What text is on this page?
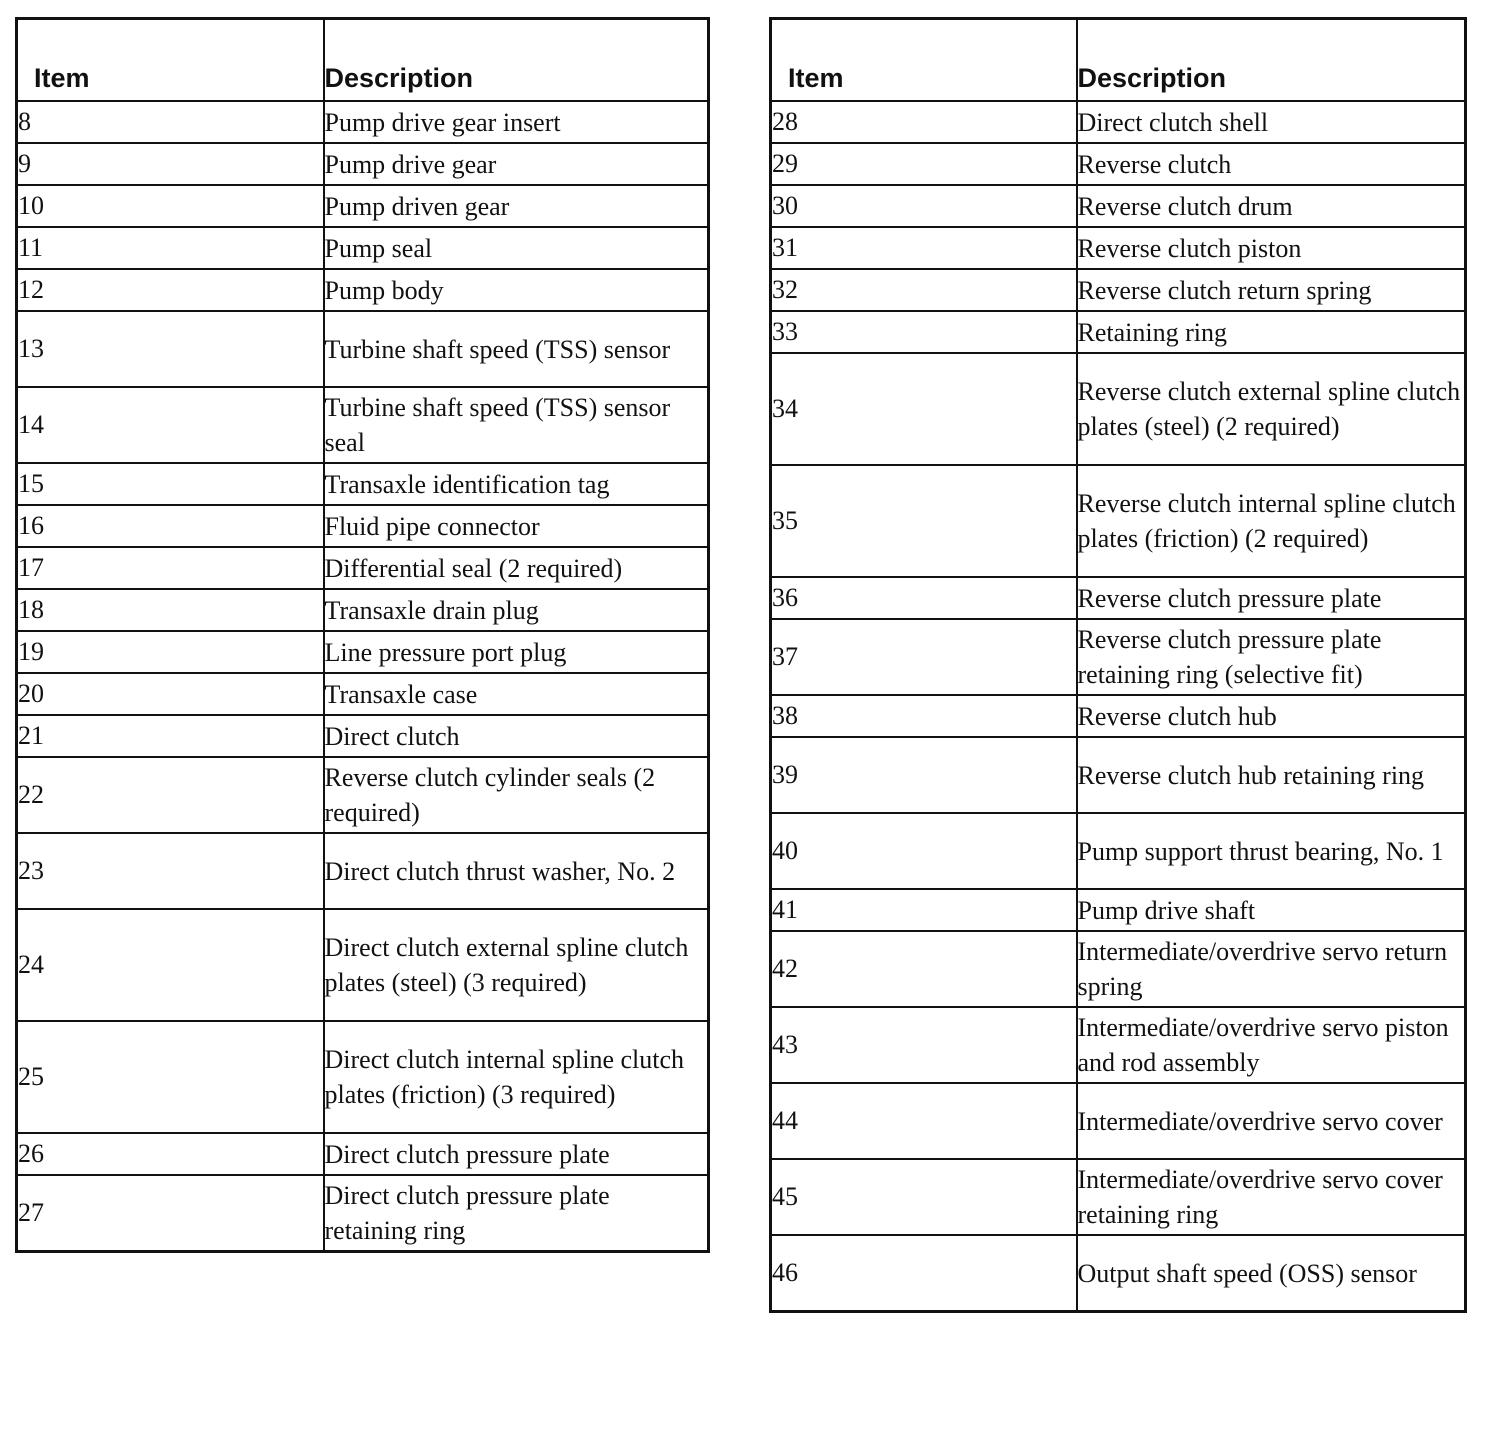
Item	Description
8	Pump drive gear insert
9	Pump drive gear
10	Pump driven gear
11	Pump seal
12	Pump body
13	Turbine shaft speed (TSS) sensor
14	Turbine shaft speed (TSS) sensor seal
15	Transaxle identification tag
16	Fluid pipe connector
17	Differential seal (2 required)
18	Transaxle drain plug
19	Line pressure port plug
20	Transaxle case
21	Direct clutch
22	Reverse clutch cylinder seals (2 required)
23	Direct clutch thrust washer, No. 2
24	Direct clutch external spline clutch plates (steel) (3 required)
25	Direct clutch internal spline clutch plates (friction) (3 required)
26	Direct clutch pressure plate
27	Direct clutch pressure plate retaining ring
Item	Description
28	Direct clutch shell
29	Reverse clutch
30	Reverse clutch drum
31	Reverse clutch piston
32	Reverse clutch return spring
33	Retaining ring
34	Reverse clutch external spline clutch plates (steel) (2 required)
35	Reverse clutch internal spline clutch plates (friction) (2 required)
36	Reverse clutch pressure plate
37	Reverse clutch pressure plate retaining ring (selective fit)
38	Reverse clutch hub
39	Reverse clutch hub retaining ring
40	Pump support thrust bearing, No. 1
41	Pump drive shaft
42	Intermediate/overdrive servo return spring
43	Intermediate/overdrive servo piston and rod assembly
44	Intermediate/overdrive servo cover
45	Intermediate/overdrive servo cover retaining ring
46	Output shaft speed (OSS) sensor
